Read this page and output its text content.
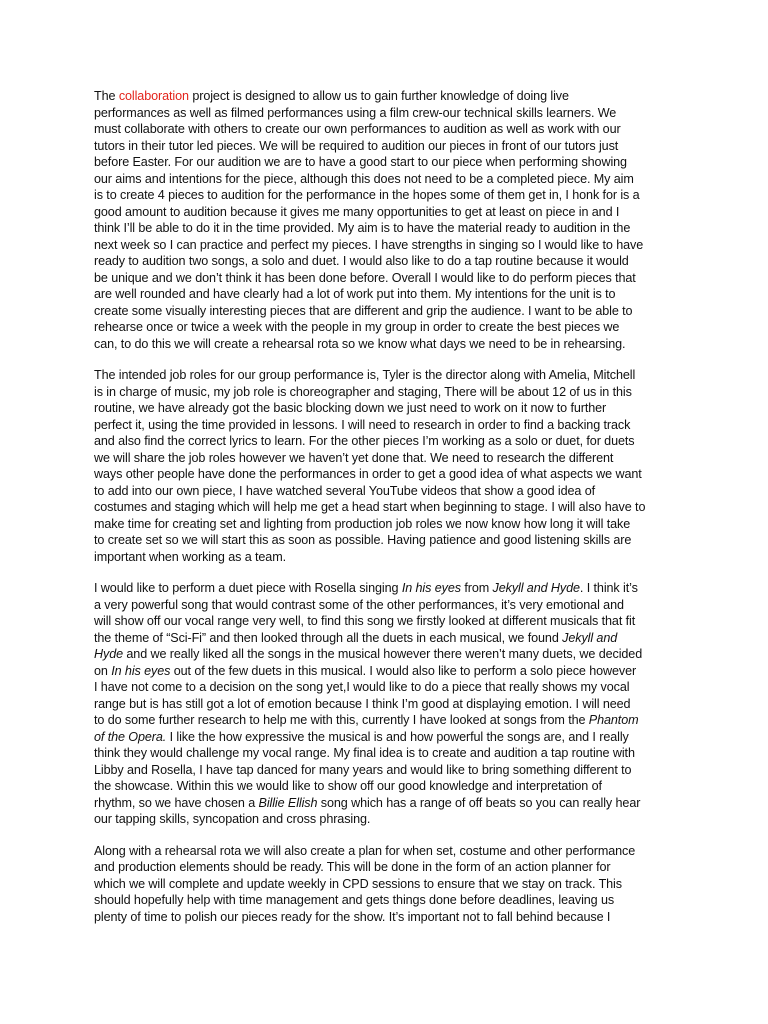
The collaboration project is designed to allow us to gain further knowledge of doing live
performances as well as filmed performances using a film crew-our technical skills learners. We
must collaborate with others to create our own performances to audition as well as work with our
tutors in their tutor led pieces. We will be required to audition our pieces in front of our tutors just
before Easter. For our audition we are to have a good start to our piece when performing showing
our aims and intentions for the piece, although this does not need to be a completed piece. My aim
is to create 4 pieces to audition for the performance in the hopes some of them get in, I honk for is a
good amount to audition because it gives me many opportunities to get at least on piece in and I
think I’ll be able to do it in the time provided. My aim is to have the material ready to audition in the
next week so I can practice and perfect my pieces. I have strengths in singing so I would like to have
ready to audition two songs, a solo and duet. I would also like to do a tap routine because it would
be unique and we don’t think it has been done before. Overall I would like to do perform pieces that
are well rounded and have clearly had a lot of work put into them. My intentions for the unit is to
create some visually interesting pieces that are different and grip the audience. I want to be able to
rehearse once or twice a week with the people in my group in order to create the best pieces we
can, to do this we will create a rehearsal rota so we know what days we need to be in rehearsing.
The intended job roles for our group performance is, Tyler is the director along with Amelia, Mitchell
is in charge of music, my job role is choreographer and staging, There will be about 12 of us in this
routine, we have already got the basic blocking down we just need to work on it now to further
perfect it, using the time provided in lessons. I will need to research in order to find a backing track
and also find the correct lyrics to learn. For the other pieces I’m working as a solo or duet, for duets
we will share the job roles however we haven’t yet done that. We need to research the different
ways other people have done the performances in order to get a good idea of what aspects we want
to add into our own piece, I have watched several YouTube videos that show a good idea of
costumes and staging which will help me get a head start when beginning to stage. I will also have to
make time for creating set and lighting from production job roles we now know how long it will take
to create set so we will start this as soon as possible. Having patience and good listening skills are
important when working as a team.
I would like to perform a duet piece with Rosella singing In his eyes from Jekyll and Hyde. I think it’s
a very powerful song that would contrast some of the other performances, it’s very emotional and
will show off our vocal range very well, to find this song we firstly looked at different musicals that fit
the theme of “Sci-Fi” and then looked through all the duets in each musical, we found Jekyll and
Hyde and we really liked all the songs in the musical however there weren’t many duets, we decided
on In his eyes out of the few duets in this musical. I would also like to perform a solo piece however
I have not come to a decision on the song yet,I would like to do a piece that really shows my vocal
range but is has still got a lot of emotion because I think I’m good at displaying emotion. I will need
to do some further research to help me with this, currently I have looked at songs from the Phantom
of the Opera. I like the how expressive the musical is and how powerful the songs are, and I really
think they would challenge my vocal range. My final idea is to create and audition a tap routine with
Libby and Rosella, I have tap danced for many years and would like to bring something different to
the showcase. Within this we would like to show off our good knowledge and interpretation of
rhythm, so we have chosen a Billie Ellish song which has a range of off beats so you can really hear
our tapping skills, syncopation and cross phrasing.
Along with a rehearsal rota we will also create a plan for when set, costume and other performance
and production elements should be ready. This will be done in the form of an action planner for
which we will complete and update weekly in CPD sessions to ensure that we stay on track. This
should hopefully help with time management and gets things done before deadlines, leaving us
plenty of time to polish our pieces ready for the show. It’s important not to fall behind because I
